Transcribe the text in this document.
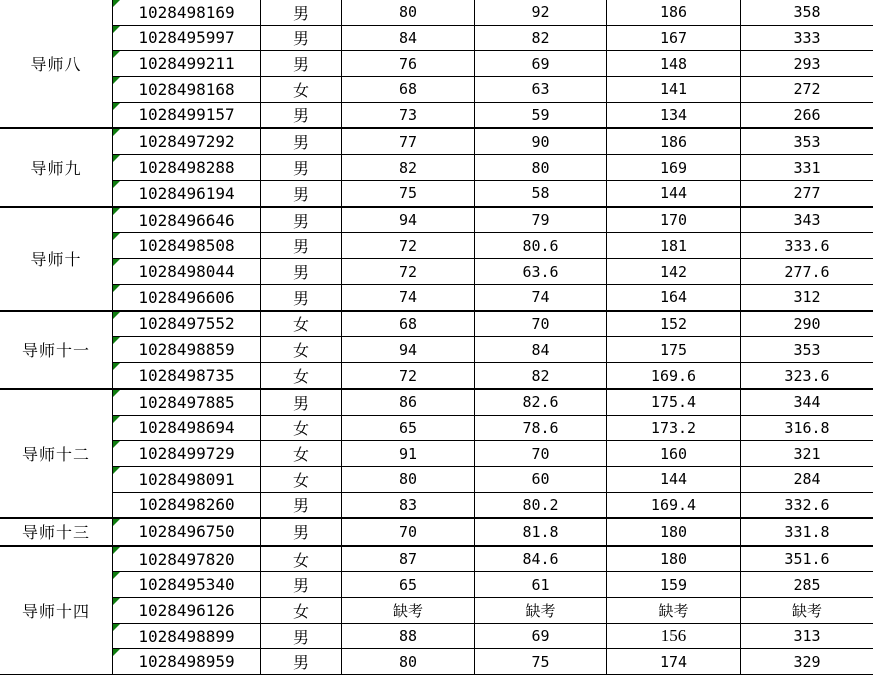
导师八
1028498169	男	80	92	186	358
1028495997	男	84	82	167	333
1028499211	男	76	69	148	293
1028498168	女	68	63	141	272
1028499157	男	73	59	134	266
导师九
1028497292	男	77	90	186	353
1028498288	男	82	80	169	331
1028496194	男	75	58	144	277
导师十
1028496646	男	94	79	170	343
1028498508	男	72	80.6	181	333.6
1028498044	男	72	63.6	142	277.6
1028496606	男	74	74	164	312
导师十一
1028497552	女	68	70	152	290
1028498859	女	94	84	175	353
1028498735	女	72	82	169.6	323.6
导师十二
1028497885	男	86	82.6	175.4	344
1028498694	女	65	78.6	173.2	316.8
1028499729	女	91	70	160	321
1028498091	女	80	60	144	284
1028498260	男	83	80.2	169.4	332.6
导师十三	1028496750	男	70	81.8	180	331.8
导师十四
1028497820	女	87	84.6	180	351.6
1028495340	男	65	61	159	285
1028496126	女	缺考	缺考	缺考	缺考
1028498899	男	88	69	156	313
1028498959	男	80	75	174	329
